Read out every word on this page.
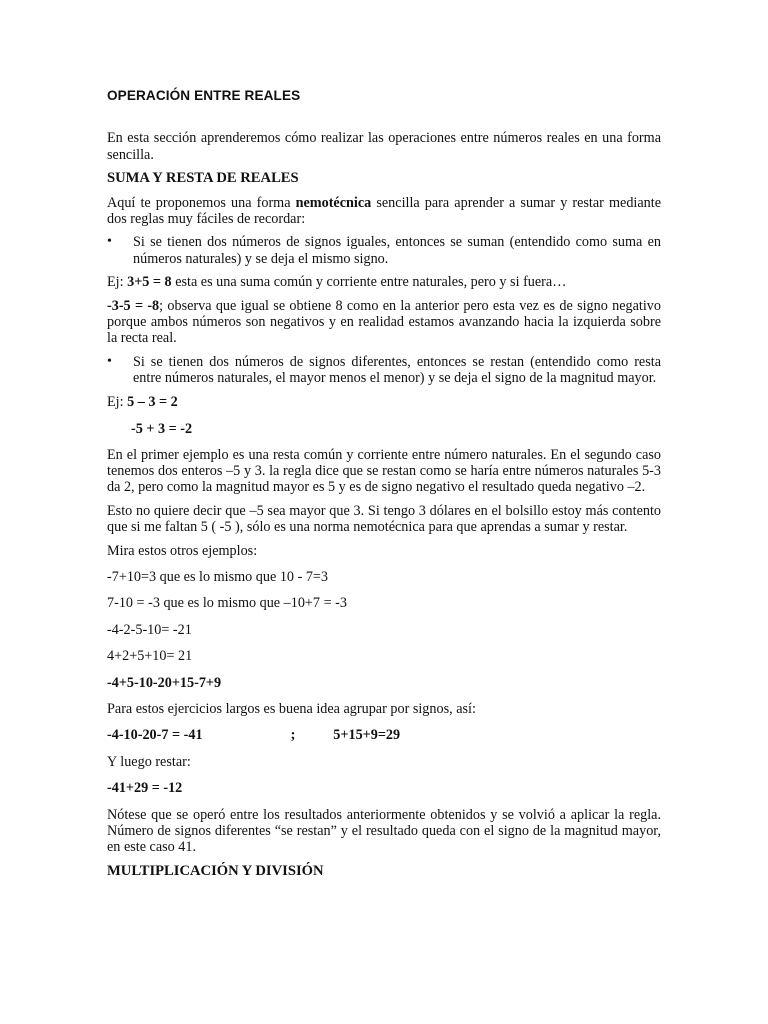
OPERACIÓN ENTRE REALES

En esta sección aprenderemos cómo realizar las operaciones entre números reales en una forma sencilla.

SUMA Y RESTA DE REALES

Aquí te proponemos una forma nemotécnica sencilla para aprender a sumar y restar mediante dos reglas muy fáciles de recordar:

•	Si se tienen dos números de signos iguales, entonces se suman (entendido como suma en números naturales) y se deja el mismo signo.

Ej: 3+5 = 8 esta es una suma común y corriente entre naturales, pero y si fuera…

-3-5 = -8; observa que igual se obtiene 8 como en la anterior pero esta vez es de signo negativo porque ambos números son negativos y en realidad estamos avanzando hacia la izquierda sobre la recta real.

•	Si se tienen dos números de signos diferentes, entonces se restan (entendido como resta entre números naturales, el mayor menos el menor) y se deja el signo de la magnitud mayor.

Ej: 5 – 3 = 2

-5 + 3 = -2

En el primer ejemplo es una resta común y corriente entre número naturales. En el segundo caso tenemos dos enteros –5 y 3. la regla dice que se restan como se haría entre números naturales 5-3 da 2, pero como la magnitud mayor es 5 y es de signo negativo el resultado queda negativo –2.

Esto no quiere decir que –5 sea mayor que 3. Si tengo 3 dólares en el bolsillo estoy más contento que si me faltan 5 ( -5 ), sólo es una norma nemotécnica para que aprendas a sumar y restar.

Mira estos otros ejemplos:

-7+10=3 que es lo mismo que 10 - 7=3

7-10 = -3 que es lo mismo que –10+7 = -3

-4-2-5-10= -21

4+2+5+10= 21

-4+5-10-20+15-7+9

Para estos ejercicios largos es buena idea agrupar por signos, así:

-4-10-20-7 = -41	;	5+15+9=29

Y luego restar:

-41+29 = -12

Nótese que se operó entre los resultados anteriormente obtenidos y se volvió a aplicar la regla. Número de signos diferentes “se restan” y el resultado queda con el signo de la magnitud mayor, en este caso 41.

MULTIPLICACIÓN Y DIVISIÓN
